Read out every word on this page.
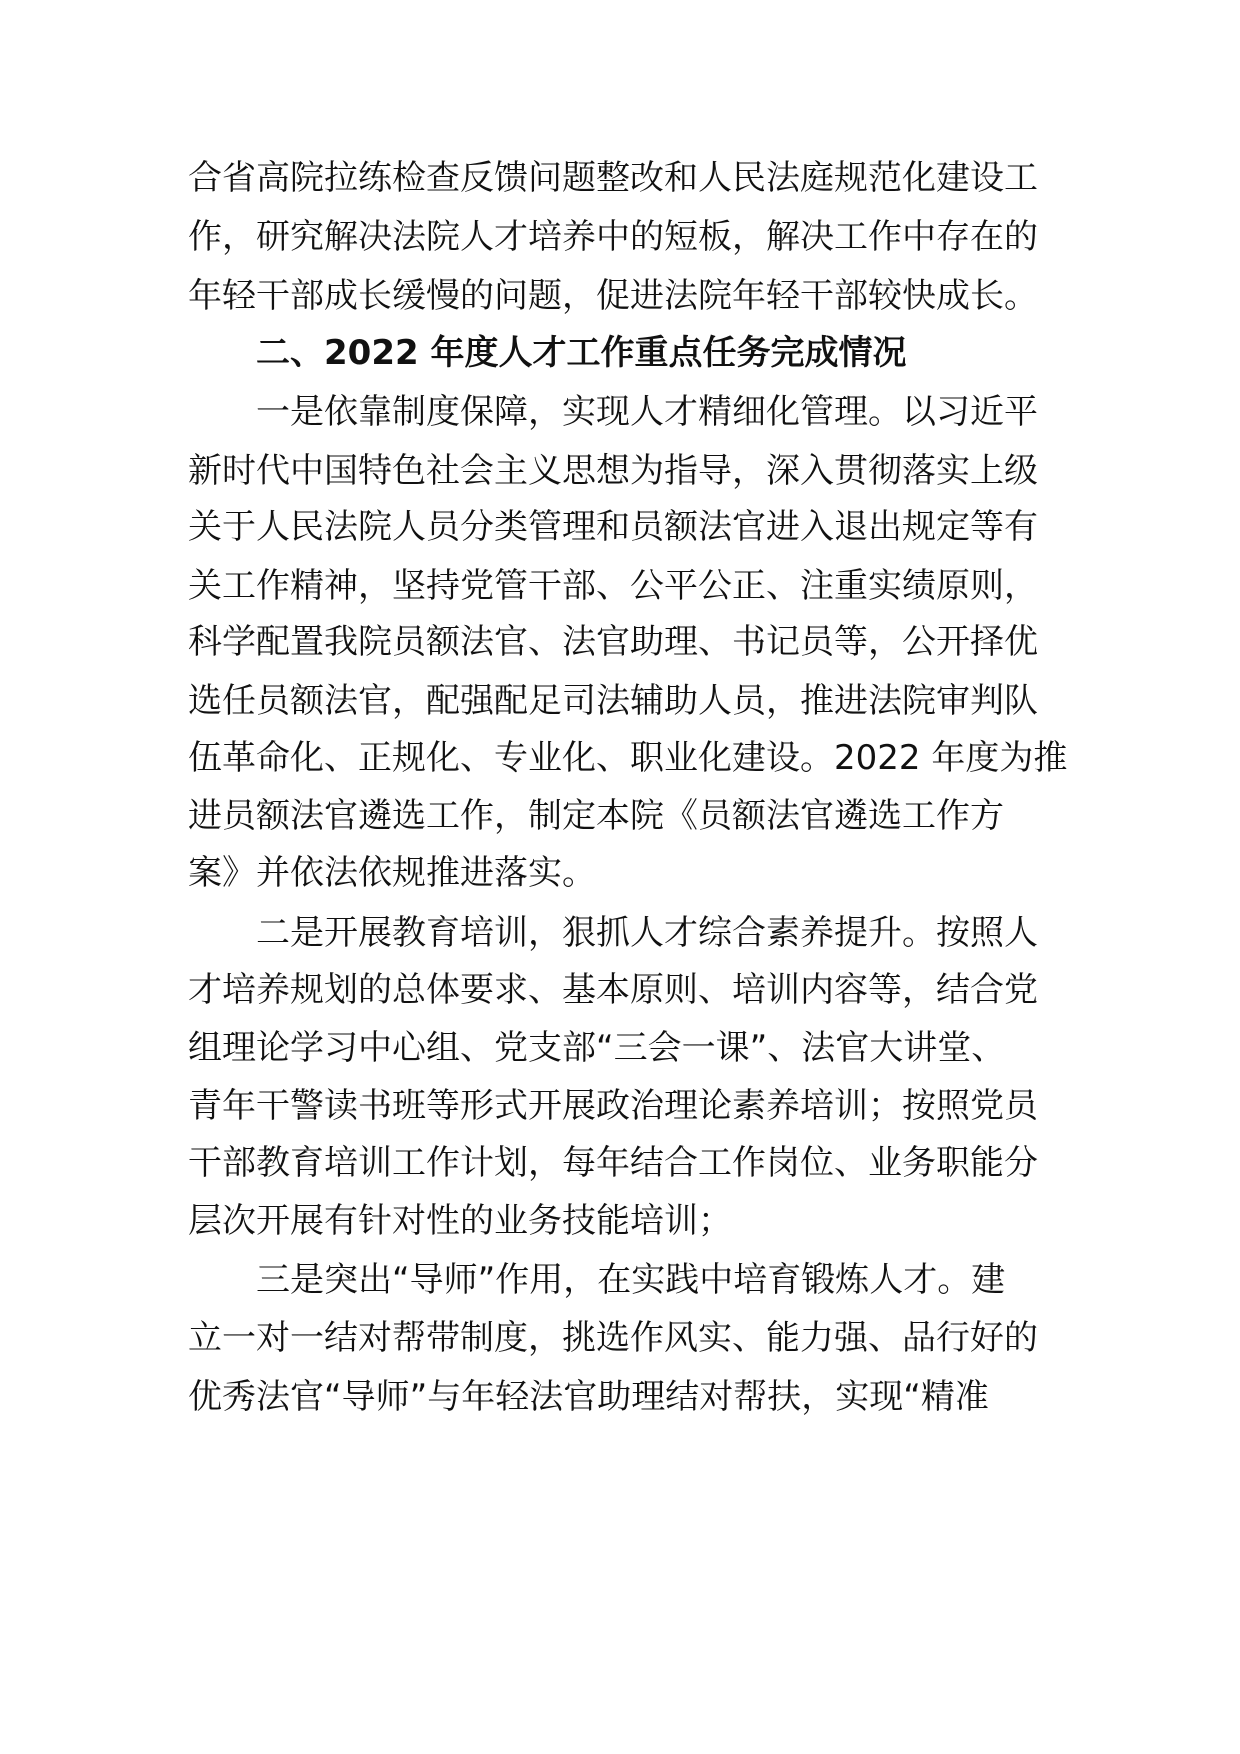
合省高院拉练检查反馈问题整改和人民法庭规范化建设工
作，研究解决法院人才培养中的短板，解决工作中存在的
年轻干部成长缓慢的问题，促进法院年轻干部较快成长。
二、2022 年度人才工作重点任务完成情况
一是依靠制度保障，实现人才精细化管理。以习近平
新时代中国特色社会主义思想为指导，深入贯彻落实上级
关于人民法院人员分类管理和员额法官进入退出规定等有
关工作精神，坚持党管干部、公平公正、注重实绩原则，
科学配置我院员额法官、法官助理、书记员等，公开择优
选任员额法官，配强配足司法辅助人员，推进法院审判队
伍革命化、正规化、专业化、职业化建设。2022 年度为推
进员额法官遴选工作，制定本院《员额法官遴选工作方
案》并依法依规推进落实。
二是开展教育培训，狠抓人才综合素养提升。按照人
才培养规划的总体要求、基本原则、培训内容等，结合党
组理论学习中心组、党支部“三会一课”、法官大讲堂、
青年干警读书班等形式开展政治理论素养培训；按照党员
干部教育培训工作计划，每年结合工作岗位、业务职能分
层次开展有针对性的业务技能培训；
三是突出“导师”作用，在实践中培育锻炼人才。建
立一对一结对帮带制度，挑选作风实、能力强、品行好的
优秀法官“导师”与年轻法官助理结对帮扶，实现“精准
